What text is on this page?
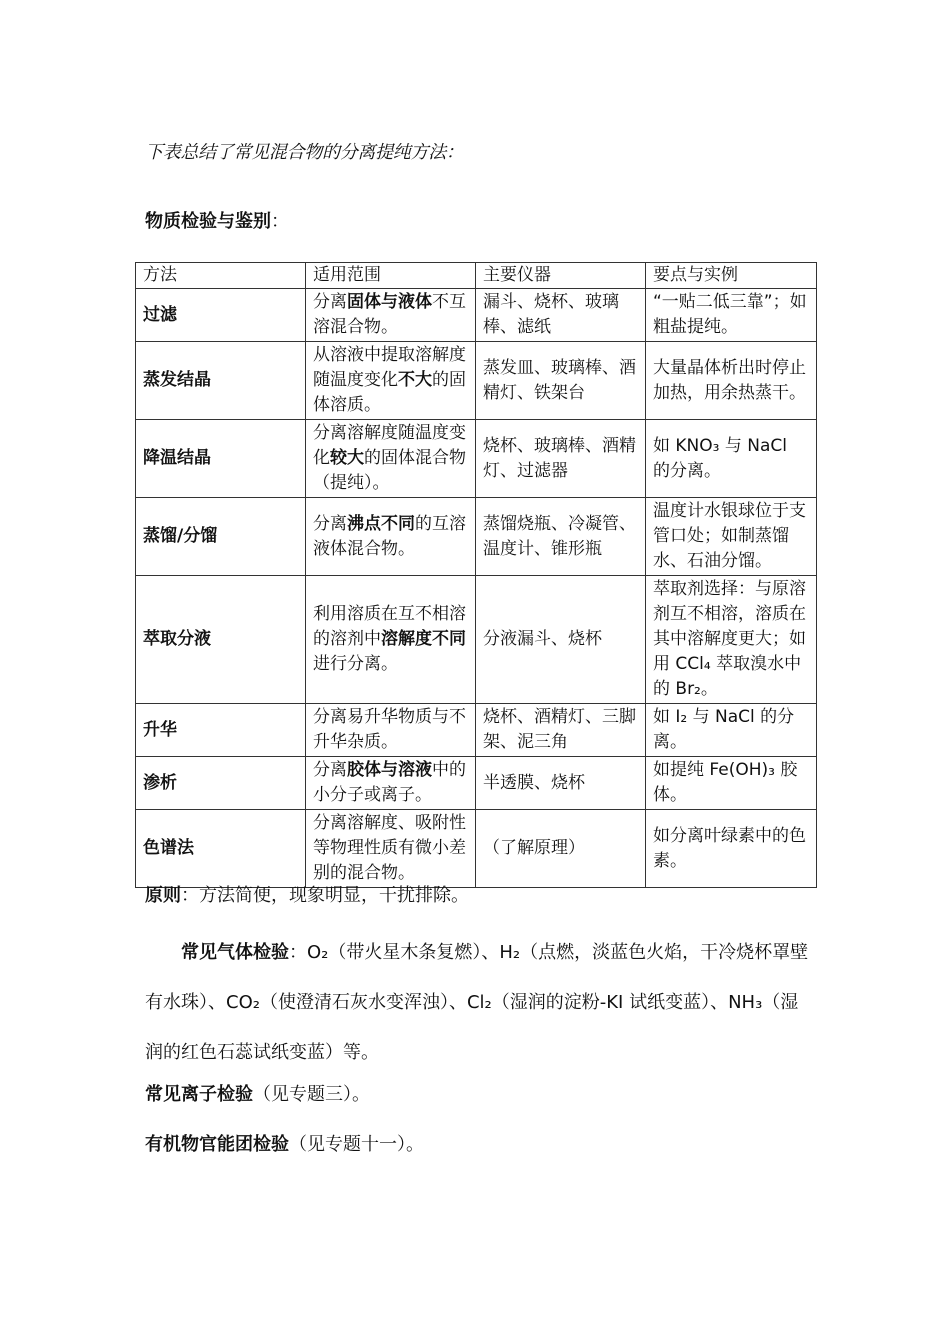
下表总结了常见混合物的分离提纯方法：
物质检验与鉴别：
方法	适用范围	主要仪器	要点与实例
过滤	分离固体与液体不互溶混合物。	漏斗、烧杯、玻璃棒、滤纸	“一贴二低三靠”；如粗盐提纯。
蒸发结晶	从溶液中提取溶解度随温度变化不大的固体溶质。	蒸发皿、玻璃棒、酒精灯、铁架台	大量晶体析出时停止加热，用余热蒸干。
降温结晶	分离溶解度随温度变化较大的固体混合物（提纯）。	烧杯、玻璃棒、酒精灯、过滤器	如 KNO₃ 与 NaCl 的分离。
蒸馏/分馏	分离沸点不同的互溶液体混合物。	蒸馏烧瓶、冷凝管、温度计、锥形瓶	温度计水银球位于支管口处；如制蒸馏水、石油分馏。
萃取分液	利用溶质在互不相溶的溶剂中溶解度不同进行分离。	分液漏斗、烧杯	萃取剂选择：与原溶剂互不相溶，溶质在其中溶解度更大；如用 CCl₄ 萃取溴水中的 Br₂。
升华	分离易升华物质与不升华杂质。	烧杯、酒精灯、三脚架、泥三角	如 I₂ 与 NaCl 的分离。
渗析	分离胶体与溶液中的小分子或离子。	半透膜、烧杯	如提纯 Fe(OH)₃ 胶体。
色谱法	分离溶解度、吸附性等物理性质有微小差别的混合物。	（了解原理）	如分离叶绿素中的色素。
原则：方法简便，现象明显，干扰排除。
常见气体检验：O₂（带火星木条复燃）、H₂（点燃，淡蓝色火焰，干冷烧杯罩壁有水珠）、CO₂（使澄清石灰水变浑浊）、Cl₂（湿润的淀粉-KI 试纸变蓝）、NH₃（湿润的红色石蕊试纸变蓝）等。
常见离子检验（见专题三）。
有机物官能团检验（见专题十一）。
